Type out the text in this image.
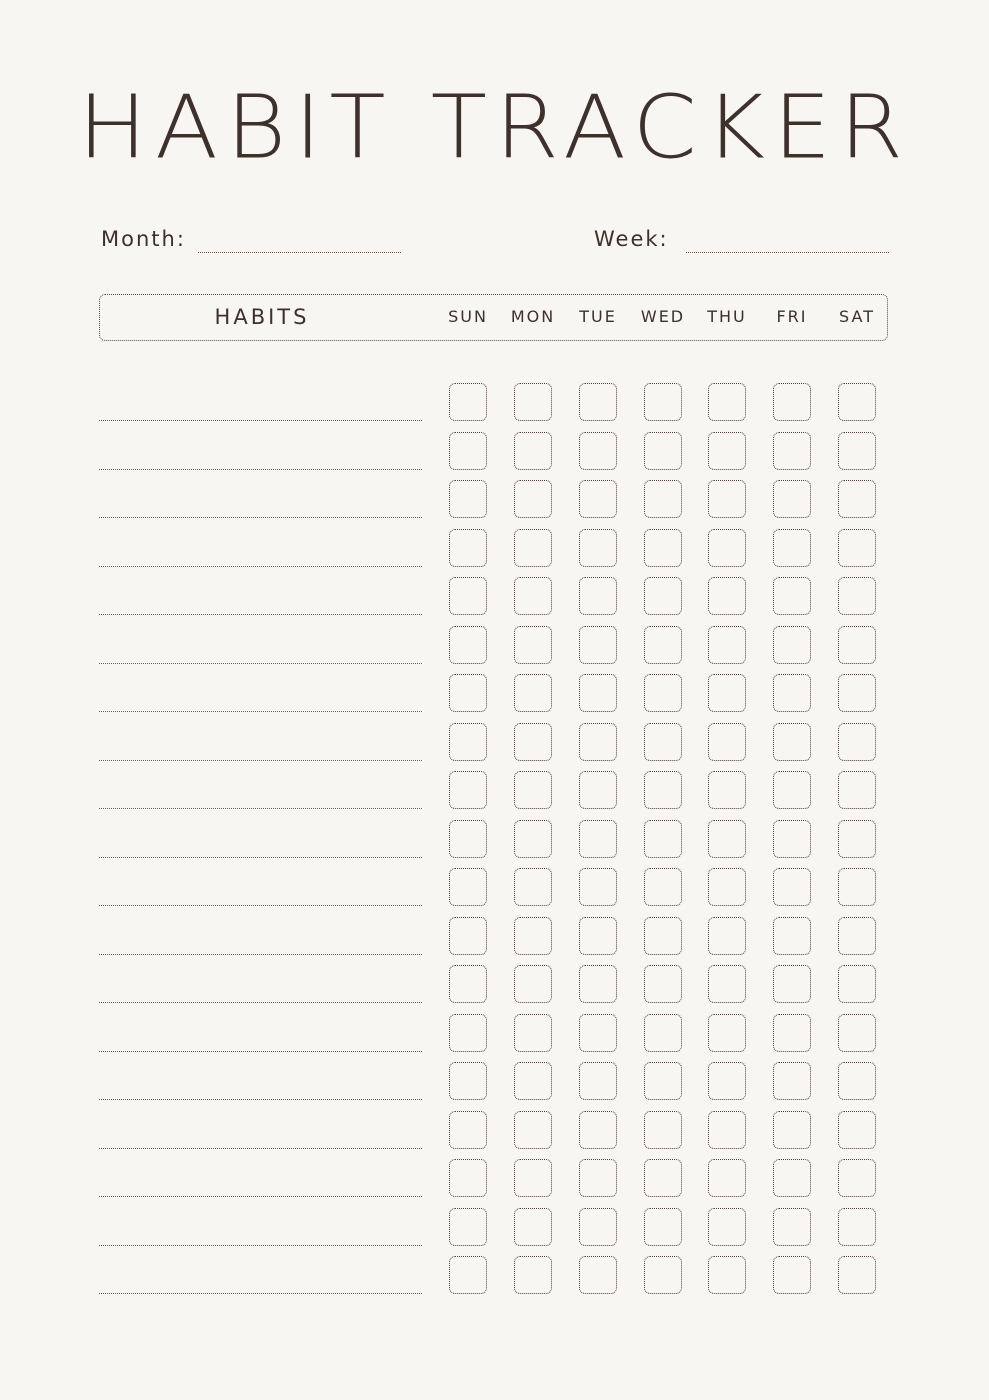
HABIT TRACKER
Month:	Week:
HABITS	SUN	MON	TUE	WED	THU	FRI	SAT
